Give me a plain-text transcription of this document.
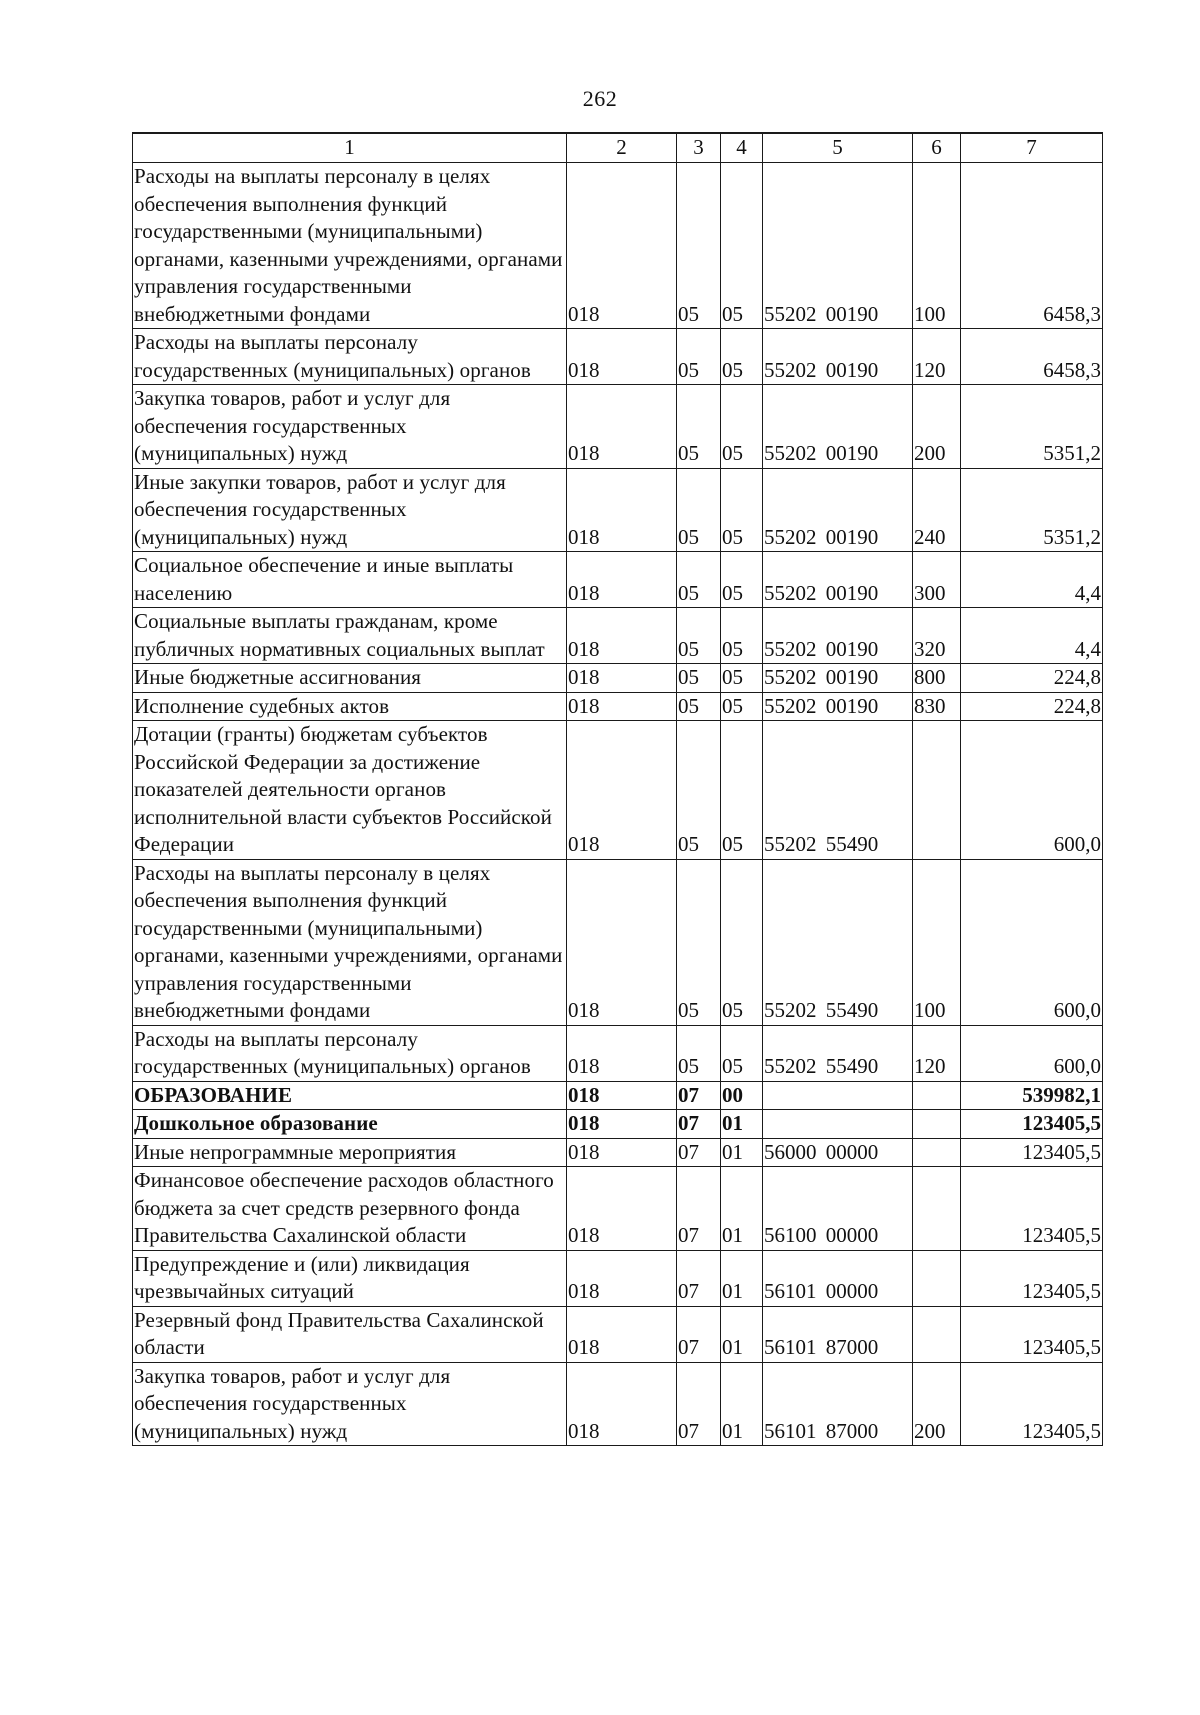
262
1	2	3	4	5	6	7
Расходы на выплаты персоналу в целях обеспечения выполнения функций государственными (муниципальными) органами, казенными учреждениями, органами управления государственными внебюджетными фондами	018	05	05	55202 00190	100	6458,3
Расходы на выплаты персоналу государственных (муниципальных) органов	018	05	05	55202 00190	120	6458,3
Закупка товаров, работ и услуг для обеспечения государственных (муниципальных) нужд	018	05	05	55202 00190	200	5351,2
Иные закупки товаров, работ и услуг для обеспечения государственных (муниципальных) нужд	018	05	05	55202 00190	240	5351,2
Социальное обеспечение и иные выплаты населению	018	05	05	55202 00190	300	4,4
Социальные выплаты гражданам, кроме публичных нормативных социальных выплат	018	05	05	55202 00190	320	4,4
Иные бюджетные ассигнования	018	05	05	55202 00190	800	224,8
Исполнение судебных актов	018	05	05	55202 00190	830	224,8
Дотации (гранты) бюджетам субъектов Российской Федерации за достижение показателей деятельности органов исполнительной власти субъектов Российской Федерации	018	05	05	55202 55490		600,0
Расходы на выплаты персоналу в целях обеспечения выполнения функций государственными (муниципальными) органами, казенными учреждениями, органами управления государственными внебюджетными фондами	018	05	05	55202 55490	100	600,0
Расходы на выплаты персоналу государственных (муниципальных) органов	018	05	05	55202 55490	120	600,0
ОБРАЗОВАНИЕ	018	07	00			539982,1
Дошкольное образование	018	07	01			123405,5
Иные непрограммные мероприятия	018	07	01	56000 00000		123405,5
Финансовое обеспечение расходов областного бюджета за счет средств резервного фонда Правительства Сахалинской области	018	07	01	56100 00000		123405,5
Предупреждение и (или) ликвидация чрезвычайных ситуаций	018	07	01	56101 00000		123405,5
Резервный фонд Правительства Сахалинской области	018	07	01	56101 87000		123405,5
Закупка товаров, работ и услуг для обеспечения государственных (муниципальных) нужд	018	07	01	56101 87000	200	123405,5
